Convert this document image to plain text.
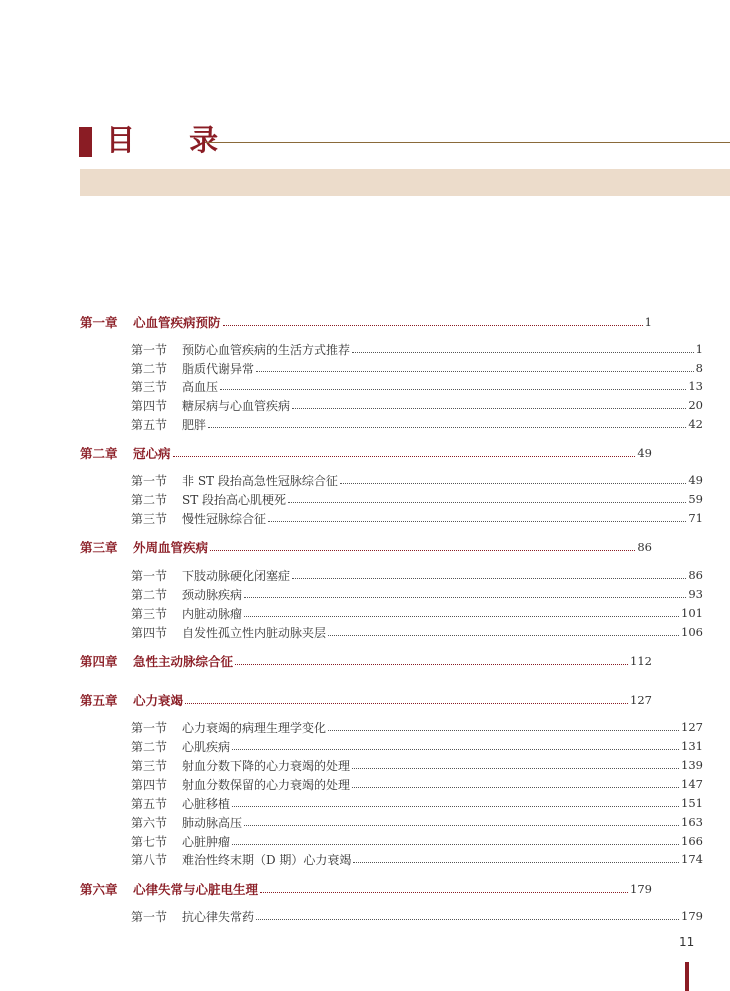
目 录
第一章	心血管疾病预防	1
第一节	预防心血管疾病的生活方式推荐	1
第二节	脂质代谢异常	8
第三节	高血压	13
第四节	糖尿病与心血管疾病	20
第五节	肥胖	42
第二章	冠心病	49
第一节	非 ST 段抬高急性冠脉综合征	49
第二节	ST 段抬高心肌梗死	59
第三节	慢性冠脉综合征	71
第三章	外周血管疾病	86
第一节	下肢动脉硬化闭塞症	86
第二节	颈动脉疾病	93
第三节	内脏动脉瘤	101
第四节	自发性孤立性内脏动脉夹层	106
第四章	急性主动脉综合征	112
第五章	心力衰竭	127
第一节	心力衰竭的病理生理学变化	127
第二节	心肌疾病	131
第三节	射血分数下降的心力衰竭的处理	139
第四节	射血分数保留的心力衰竭的处理	147
第五节	心脏移植	151
第六节	肺动脉高压	163
第七节	心脏肿瘤	166
第八节	难治性终末期（D 期）心力衰竭	174
第六章	心律失常与心脏电生理	179
第一节	抗心律失常药	179
11
